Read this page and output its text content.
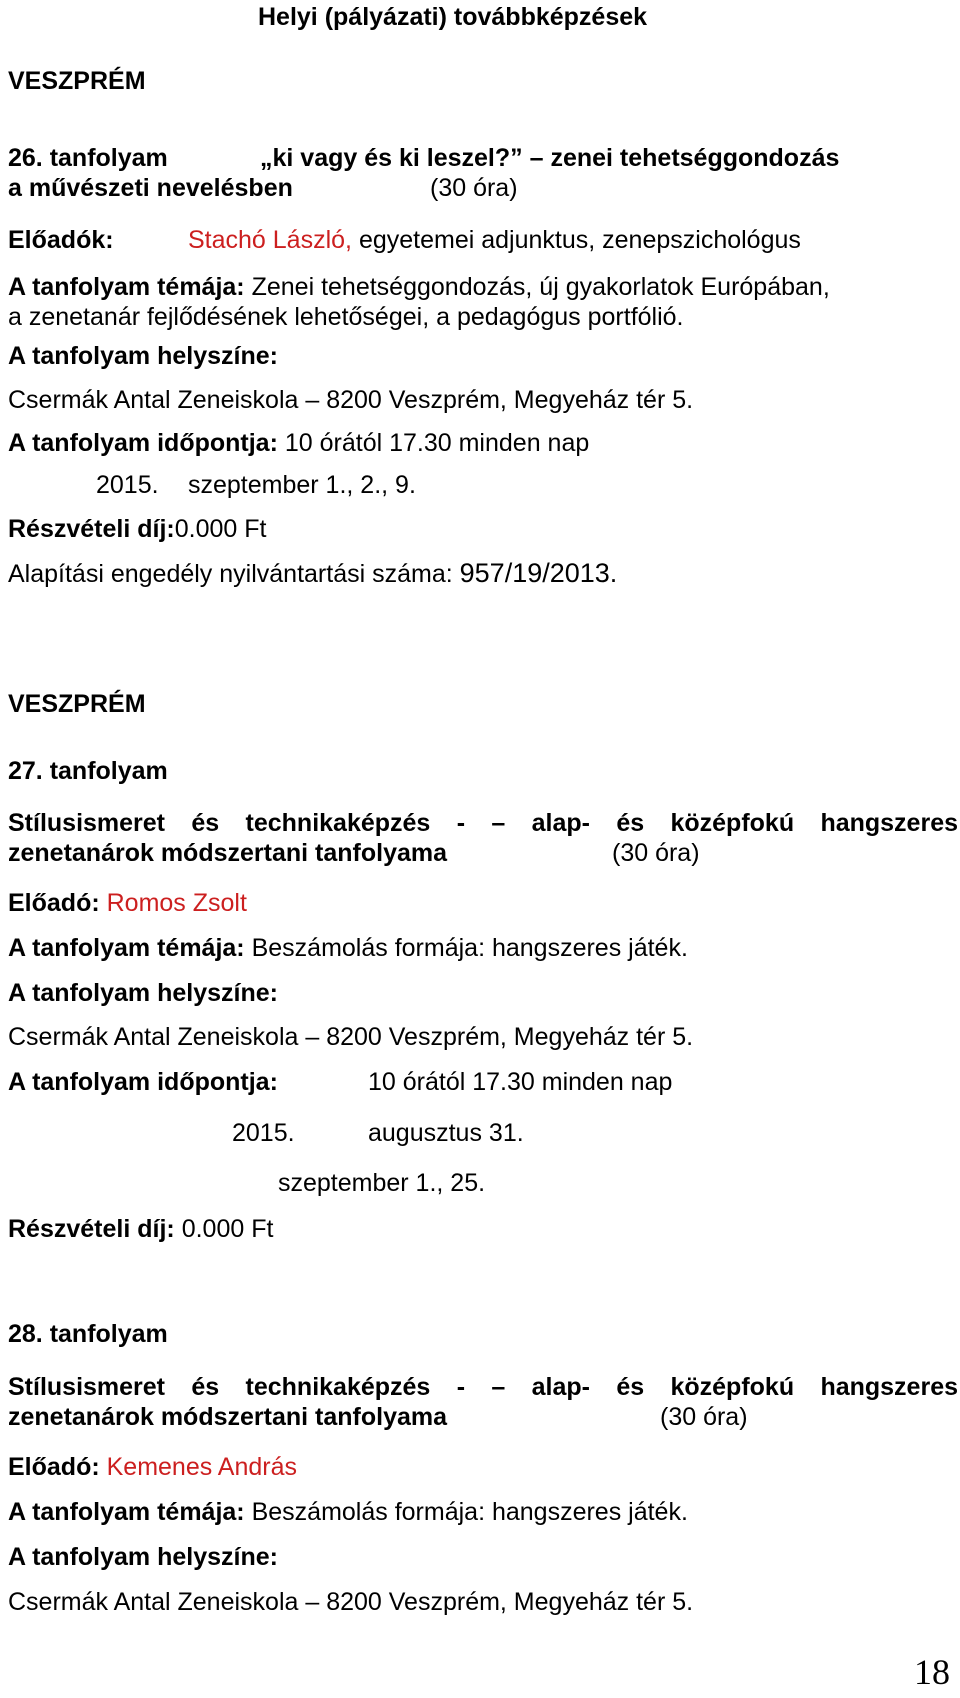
Helyi (pályázati) továbbképzések
VESZPRÉM
26. tanfolyam	„ki vagy és ki leszel?” – zenei tehetséggondozás
a művészeti nevelésben	(30 óra)
Előadók:	Stachó László, egyetemei adjunktus, zenepszichológus
A tanfolyam témája: Zenei tehetséggondozás, új gyakorlatok Európában,
a zenetanár fejlődésének lehetőségei, a pedagógus portfólió.
A tanfolyam helyszíne:
Csermák Antal Zeneiskola – 8200 Veszprém, Megyeház tér 5.
A tanfolyam időpontja: 10 órától 17.30 minden nap
2015. szeptember 1., 2., 9.
Részvételi díj:0.000 Ft
Alapítási engedély nyilvántartási száma: 957/19/2013.
VESZPRÉM
27. tanfolyam
Stílusismeret és technikaképzés - – alap- és középfokú hangszeres
zenetanárok módszertani tanfolyama	(30 óra)
Előadó: Romos Zsolt
A tanfolyam témája: Beszámolás formája: hangszeres játék.
A tanfolyam helyszíne:
Csermák Antal Zeneiskola – 8200 Veszprém, Megyeház tér 5.
A tanfolyam időpontja:	10 órától 17.30 minden nap
2015.	augusztus 31.
szeptember 1., 25.
Részvételi díj: 0.000 Ft
28. tanfolyam
Stílusismeret és technikaképzés - – alap- és középfokú hangszeres
zenetanárok módszertani tanfolyama	(30 óra)
Előadó: Kemenes András
A tanfolyam témája: Beszámolás formája: hangszeres játék.
A tanfolyam helyszíne:
Csermák Antal Zeneiskola – 8200 Veszprém, Megyeház tér 5.
18
